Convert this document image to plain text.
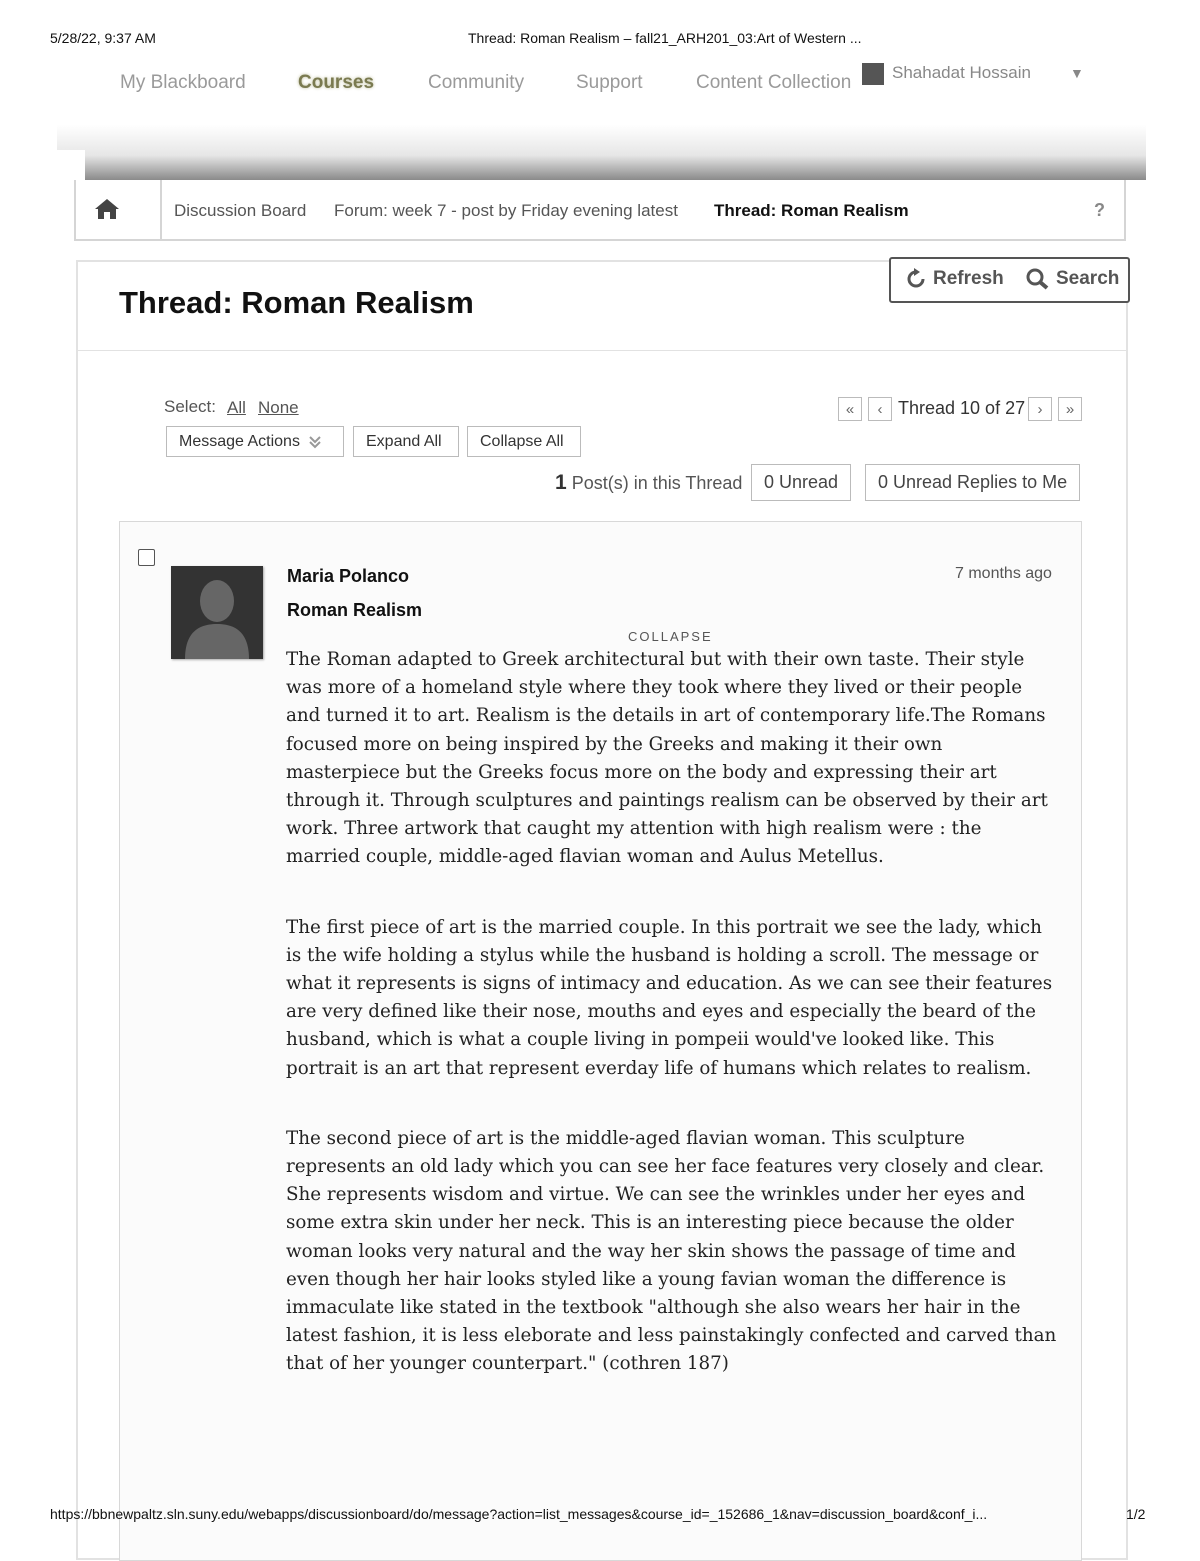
5/28/22, 9:37 AM	Thread: Roman Realism – fall21_ARH201_03:Art of Western ...
My Blackboard	Courses	Community	Support	Content Collection Shahadat Hossain	▼
Discussion Board Forum: week 7 - post by Friday evening latest Thread: Roman Realism	?
Thread: Roman Realism
Refresh	Search
Select: All None
Message Actions	Expand All Collapse All
« ‹ Thread 10 of 27 › »
1 Post(s) in this Thread 0 Unread 0 Unread Replies to Me
Maria Polanco
Roman Realism
7 months ago
COLLAPSE

The Roman adapted to Greek architectural but with their own taste. Their style was more of a homeland style where they took where they lived or their people and turned it to art. Realism is the details in art of contemporary life.The Romans focused more on being inspired by the Greeks and making it their own masterpiece but the Greeks focus more on the body and expressing their art through it. Through sculptures and paintings realism can be observed by their art work. Three artwork that caught my attention with high realism were : the married couple, middle-aged flavian woman and Aulus Metellus.

The first piece of art is the married couple. In this portrait we see the lady, which is the wife holding a stylus while the husband is holding a scroll. The message or what it represents is signs of intimacy and education. As we can see their features are very defined like their nose, mouths and eyes and especially the beard of the husband, which is what a couple living in pompeii would've looked like. This portrait is an art that represent everday life of humans which relates to realism.

The second piece of art is the middle-aged flavian woman. This sculpture represents an old lady which you can see her face features very closely and clear. She represents wisdom and virtue. We can see the wrinkles under her eyes and some extra skin under her neck. This is an interesting piece because the older woman looks very natural and the way her skin shows the passage of time and even though her hair looks styled like a young favian woman the difference is immaculate like stated in the textbook "although she also wears her hair in the latest fashion, it is less eleborate and less painstakingly confected and carved than that of her younger counterpart." (cothren 187)

https://bbnewpaltz.sln.suny.edu/webapps/discussionboard/do/message?action=list_messages&course_id=_152686_1&nav=discussion_board&conf_i...	1/2
